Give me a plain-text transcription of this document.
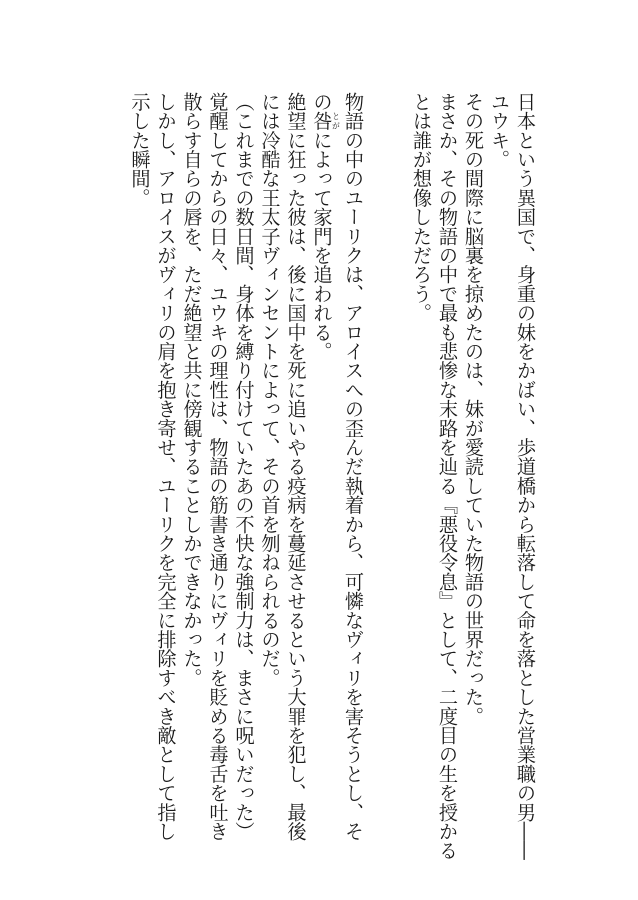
日本という異国で、身重の妹をかばい、歩道橋から転落して命を落とした営業職の男――
ユウキ。
その死の間際に脳裏を掠めたのは、妹が愛読していた物語の世界だった。
まさか、その物語の中で最も悲惨な末路を辿る『悪役令息』として、二度目の生を授かる
とは誰が想像しただろう。
物語の中のユーリクは、アロイスへの歪んだ執着から、可憐なヴィリを害そうとし、そ
の咎とがによって家門を追われる。
絶望に狂った彼は、後に国中を死に追いやる疫病を蔓延させるという大罪を犯し、最後
には冷酷な王太子ヴィンセントによって、その首を刎ねられるのだ。
（これまでの数日間、身体を縛り付けていたあの不快な強制力は、まさに呪いだった）
覚醒してからの日々、ユウキの理性は、物語の筋書き通りにヴィリを貶める毒舌を吐き
散らす自らの唇を、ただ絶望と共に傍観することしかできなかった。
しかし、アロイスがヴィリの肩を抱き寄せ、ユーリクを完全に排除すべき敵として指し
示した瞬間。
